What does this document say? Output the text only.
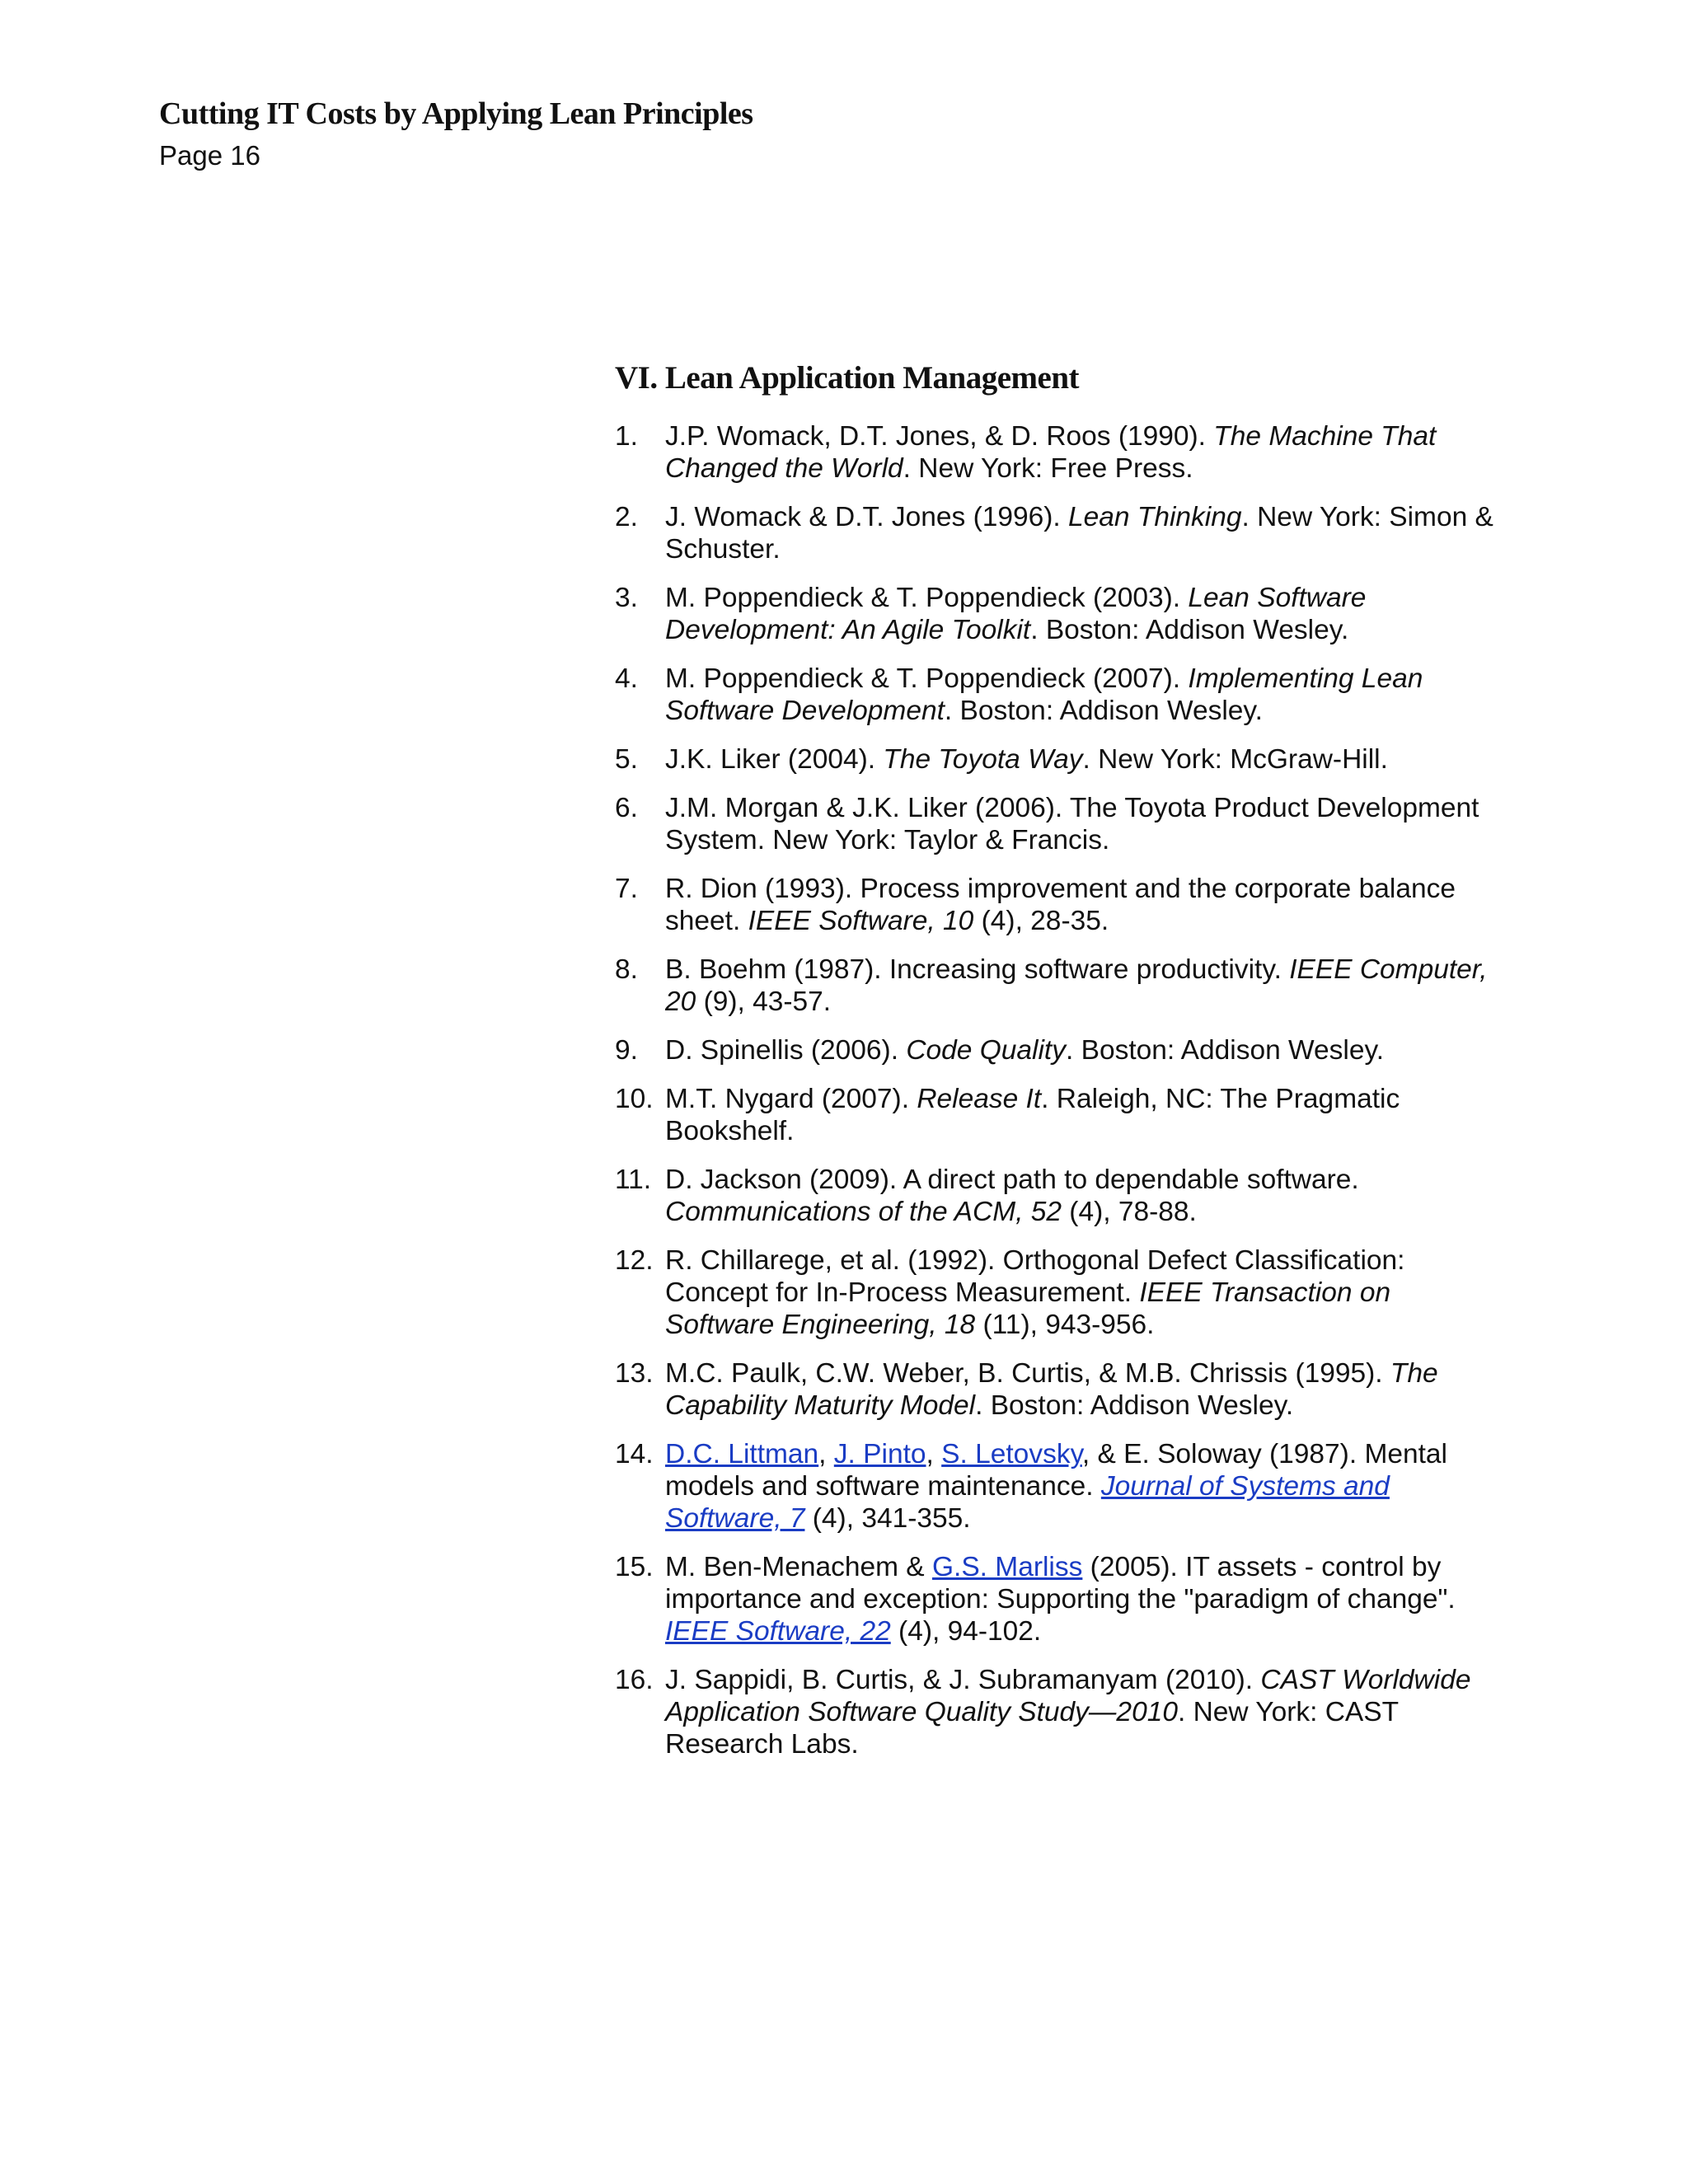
Cutting IT Costs by Applying Lean Principles
Page 16
VI. Lean Application Management
1. J.P. Womack, D.T. Jones, & D. Roos (1990). The Machine That Changed the World. New York: Free Press.
2. J. Womack & D.T. Jones (1996). Lean Thinking. New York: Simon & Schuster.
3. M. Poppendieck & T. Poppendieck (2003). Lean Software Development: An Agile Toolkit. Boston: Addison Wesley.
4. M. Poppendieck & T. Poppendieck (2007). Implementing Lean Software Development. Boston: Addison Wesley.
5. J.K. Liker (2004). The Toyota Way. New York: McGraw-Hill.
6. J.M. Morgan & J.K. Liker (2006). The Toyota Product Development System. New York: Taylor & Francis.
7. R. Dion (1993). Process improvement and the corporate balance sheet. IEEE Software, 10 (4), 28-35.
8. B. Boehm (1987). Increasing software productivity. IEEE Computer, 20 (9), 43-57.
9. D. Spinellis (2006). Code Quality. Boston: Addison Wesley.
10. M.T. Nygard (2007). Release It. Raleigh, NC: The Pragmatic Bookshelf.
11. D. Jackson (2009). A direct path to dependable software. Communications of the ACM, 52 (4), 78-88.
12. R. Chillarege, et al. (1992). Orthogonal Defect Classification: Concept for In-Process Measurement. IEEE Transaction on Software Engineering, 18 (11), 943-956.
13. M.C. Paulk, C.W. Weber, B. Curtis, & M.B. Chrissis (1995). The Capability Maturity Model. Boston: Addison Wesley.
14. D.C. Littman, J. Pinto, S. Letovsky, & E. Soloway (1987). Mental models and software maintenance. Journal of Systems and Software, 7 (4), 341-355.
15. M. Ben-Menachem & G.S. Marliss (2005). IT assets - control by importance and exception: Supporting the "paradigm of change". IEEE Software, 22 (4), 94-102.
16. J. Sappidi, B. Curtis, & J. Subramanyam (2010). CAST Worldwide Application Software Quality Study—2010. New York: CAST Research Labs.
